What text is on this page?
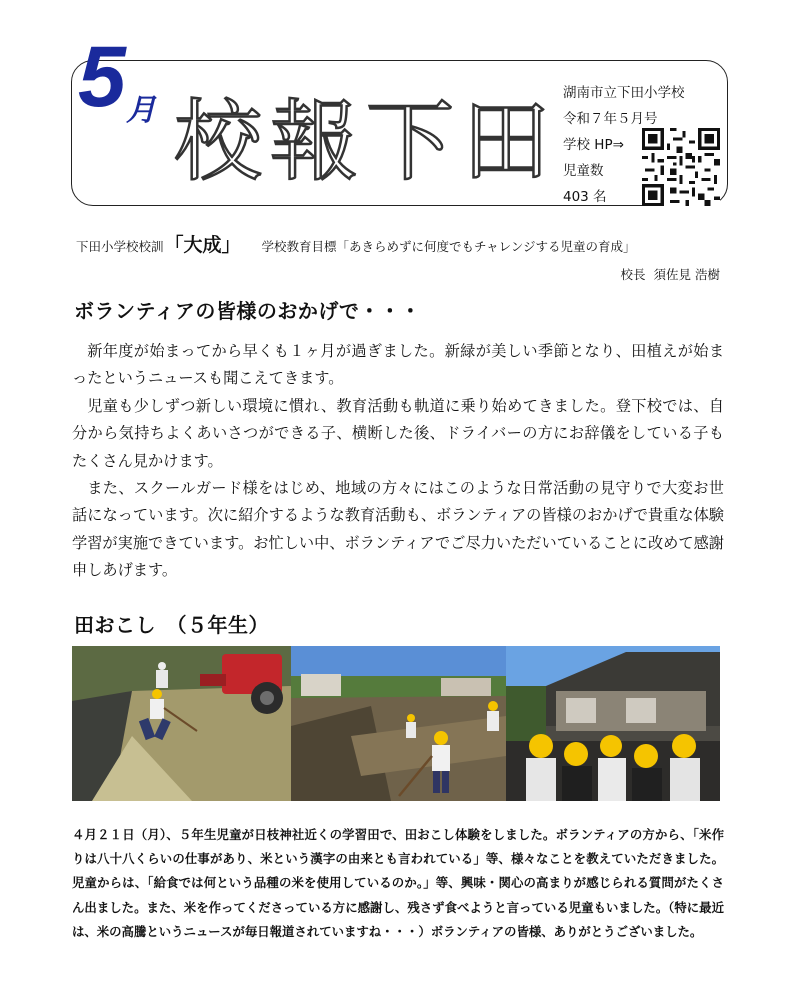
5 月 校報下田 湖南市立下田小学校
令和７年５月号
学校 HP⇒
児童数
403 名
下田小学校校訓「大成」 学校教育目標「あきらめずに何度でもチャレンジする児童の育成」
校長 須佐見 浩樹
ボランティアの皆様のおかげで・・・

新年度が始まってから早くも１ヶ月が過ぎました。新緑が美しい季節となり、田植えが始まったというニュースも聞こえてきます。

児童も少しずつ新しい環境に慣れ、教育活動も軌道に乗り始めてきました。登下校では、自分から気持ちよくあいさつができる子、横断した後、ドライバーの方にお辞儀をしている子もたくさん見かけます。

また、スクールガード様をはじめ、地域の方々にはこのような日常活動の見守りで大変お世話になっています。次に紹介するような教育活動も、ボランティアの皆様のおかげで貴重な体験学習が実施できています。お忙しい中、ボランティアでご尽力いただいていることに改めて感謝申しあげます。

田おこし　（５年生）

４月２１日（月）、５年生児童が日枝神社近くの学習田で、田おこし体験をしました。ボランティアの方から、「米作りは八十八くらいの仕事があり、米という漢字の由来とも言われている」等、様々なことを教えていただきました。児童からは、「給食では何という品種の米を使用しているのか。」等、興味・関心の高まりが感じられる質問がたくさん出ました。また、米を作ってくださっている方に感謝し、残さず食べようと言っている児童もいました。（特に最近は、米の高騰というニュースが毎日報道されていますね・・・）ボランティアの皆様、ありがとうございました。
